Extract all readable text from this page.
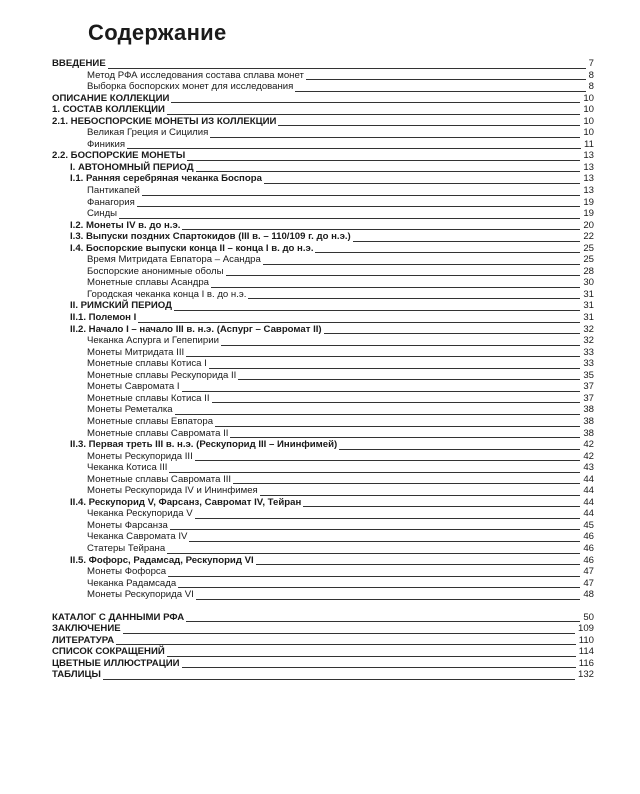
Содержание
ВВЕДЕНИЕ	7
Метод РФА исследования состава сплава монет	8
Выборка боспорских монет для исследования	8
ОПИСАНИЕ КОЛЛЕКЦИИ	10
1. СОСТАВ КОЛЛЕКЦИИ	10
2.1. НЕБОСПОРСКИЕ МОНЕТЫ ИЗ КОЛЛЕКЦИИ	10
Великая Греция и Сицилия	10
Финикия	11
2.2. БОСПОРСКИЕ МОНЕТЫ	13
I. АВТОНОМНЫЙ ПЕРИОД	13
I.1. Ранняя серебряная чеканка Боспора	13
Пантикапей	13
Фанагория	19
Синды	19
I.2. Монеты IV в. до н.э.	20
I.3. Выпуски поздних Спартокидов (III в. – 110/109 г. до н.э.)	22
I.4. Боспорские выпуски конца II – конца I в. до н.э.	25
Время Митридата Евпатора – Асандра	25
Боспорские анонимные оболы	28
Монетные сплавы Асандра	30
Городская чеканка конца I в. до н.э.	31
II. РИМСКИЙ ПЕРИОД	31
II.1. Полемон I	31
II.2. Начало I – начало III в. н.э. (Аспург – Савромат II)	32
Чеканка Аспурга и Гепепирии	32
Монеты Митридата III	33
Монетные сплавы Котиса I	33
Монетные сплавы Рескупорида II	35
Монеты Савромата I	37
Монетные сплавы Котиса II	37
Монеты Реметалка	38
Монетные сплавы Евпатора	38
Монетные сплавы Савромата II	38
II.3. Первая треть III в. н.э. (Рескупорид III – Ининфимей)	42
Монеты Рескупорида III	42
Чеканка Котиса III	43
Монетные сплавы Савромата III	44
Монеты Рескупорида IV и Ининфимея	44
II.4. Рескупорид V, Фарсанз, Савромат IV, Тейран	44
Чеканка Рескупорида V	44
Монеты Фарсанза	45
Чеканка Савромата IV	46
Статеры Тейрана	46
II.5. Фофорс, Радамсад, Рескупорид VI	46
Монеты Фофорса	47
Чеканка Радамсада	47
Монеты Рескупорида VI	48
КАТАЛОГ С ДАННЫМИ РФА	50
ЗАКЛЮЧЕНИЕ	109
ЛИТЕРАТУРА	110
СПИСОК СОКРАЩЕНИЙ	114
ЦВЕТНЫЕ ИЛЛЮСТРАЦИИ	116
ТАБЛИЦЫ	132
